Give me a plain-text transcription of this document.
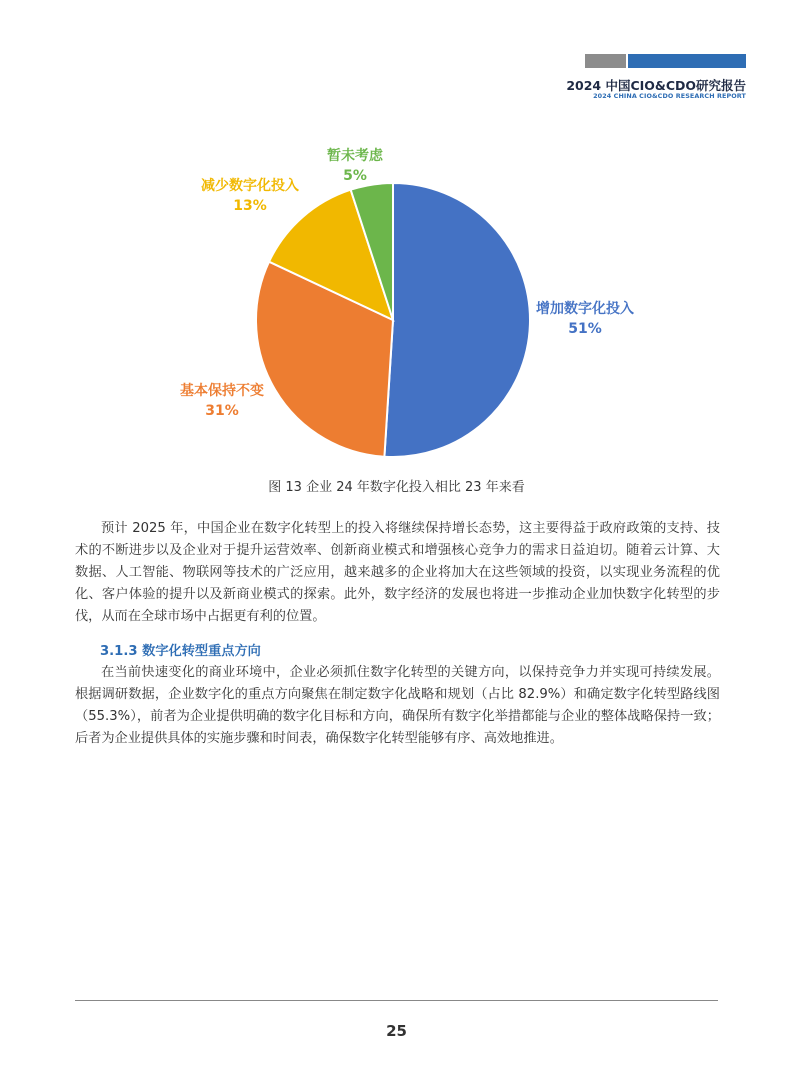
2024 中国CIO&CDO研究报告
2024 CHINA CIO&CDO RESEARCH REPORT
增加数字化投入
51%
基本保持不变
31%
减少数字化投入
13%
暂未考虑
5%
图 13 企业 24 年数字化投入相比 23 年来看

预计 2025 年，中国企业在数字化转型上的投入将继续保持增长态势，这主要得益于政府政策的支持、技术的不断进步以及企业对于提升运营效率、创新商业模式和增强核心竞争力的需求日益迫切。随着云计算、大数据、人工智能、物联网等技术的广泛应用，越来越多的企业将加大在这些领域的投资，以实现业务流程的优化、客户体验的提升以及新商业模式的探索。此外，数字经济的发展也将进一步推动企业加快数字化转型的步伐，从而在全球市场中占据更有利的位置。

3.1.3 数字化转型重点方向

在当前快速变化的商业环境中，企业必须抓住数字化转型的关键方向，以保持竞争力并实现可持续发展。根据调研数据，企业数字化的重点方向聚焦在制定数字化战略和规划（占比 82.9%）和确定数字化转型路线图（55.3%），前者为企业提供明确的数字化目标和方向，确保所有数字化举措都能与企业的整体战略保持一致；后者为企业提供具体的实施步骤和时间表，确保数字化转型能够有序、高效地推进。

25
